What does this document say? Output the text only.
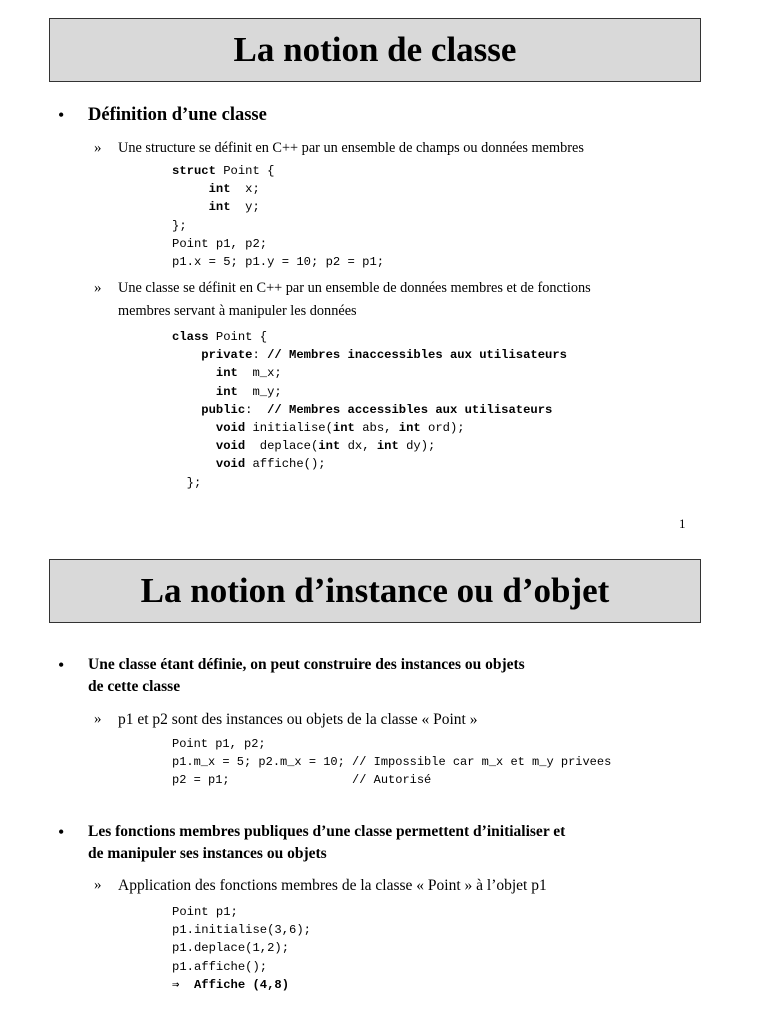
La notion de classe
•	Définition d’une classe
»	Une structure se définit en C++ par un ensemble de champs ou données membres
struct Point {
int  x;
int  y;
};
Point p1, p2;
p1.x = 5; p1.y = 10; p2 = p1;
»	Une classe se définit en C++ par un ensemble de données membres et de fonctions
membres servant à manipuler les données
class Point {
private: // Membres inaccessibles aux utilisateurs
int  m_x;
int  m_y;
public:  // Membres accessibles aux utilisateurs
void initialise(int abs, int ord);
void  deplace(int dx, int dy);
void affiche();
};
1
La notion d’instance ou d’objet
•	Une classe étant définie, on peut construire des instances ou objets
de cette classe
»	p1 et p2 sont des instances ou objets de la classe « Point »
Point p1, p2;
p1.m_x = 5; p2.m_x = 10; // Impossible car m_x et m_y privees
p2 = p1;                 // Autorisé
•	Les fonctions membres publiques d’une classe permettent d’initialiser et
de manipuler ses instances ou objets
»	Application des fonctions membres de la classe « Point » à l’objet p1
Point p1;
p1.initialise(3,6);
p1.deplace(1,2);
p1.affiche();
⇒  Affiche (4,8)
